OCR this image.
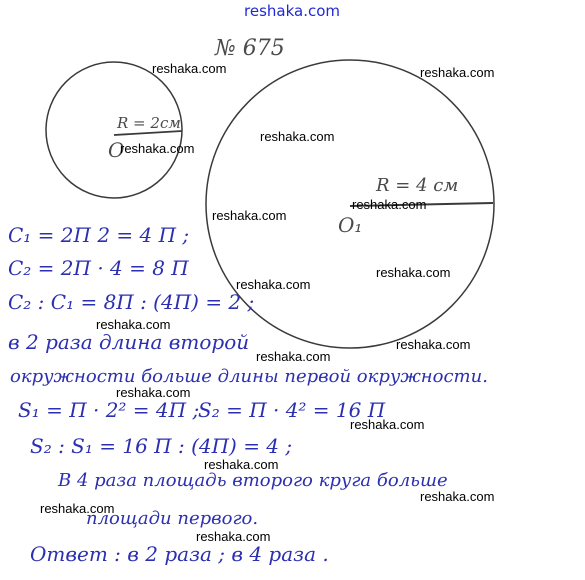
reshaka.com
№ 675
R = 2см
O
R = 4 см
O₁
C₁ = 2П 2 = 4 П ;
C₂ = 2П · 4 = 8 П
C₂ : C₁ = 8П : (4П) = 2 ;
в 2 раза длина второй
окружности больше длины первой окружности.
S₁ = П · 2² = 4П ;
S₂ = П · 4² = 16 П
S₂ : S₁ = 16 П : (4П) = 4 ;
В 4 раза площадь второго круга больше
площади первого.
Ответ : в 2 раза ; в 4 раза .
reshaka.com	reshaka.com
reshaka.com
reshaka.com
reshaka.com
reshaka.com
reshaka.com
reshaka.com
reshaka.com
reshaka.com
reshaka.com
reshaka.com
reshaka.com
reshaka.com
reshaka.com
reshaka.com
reshaka.com
